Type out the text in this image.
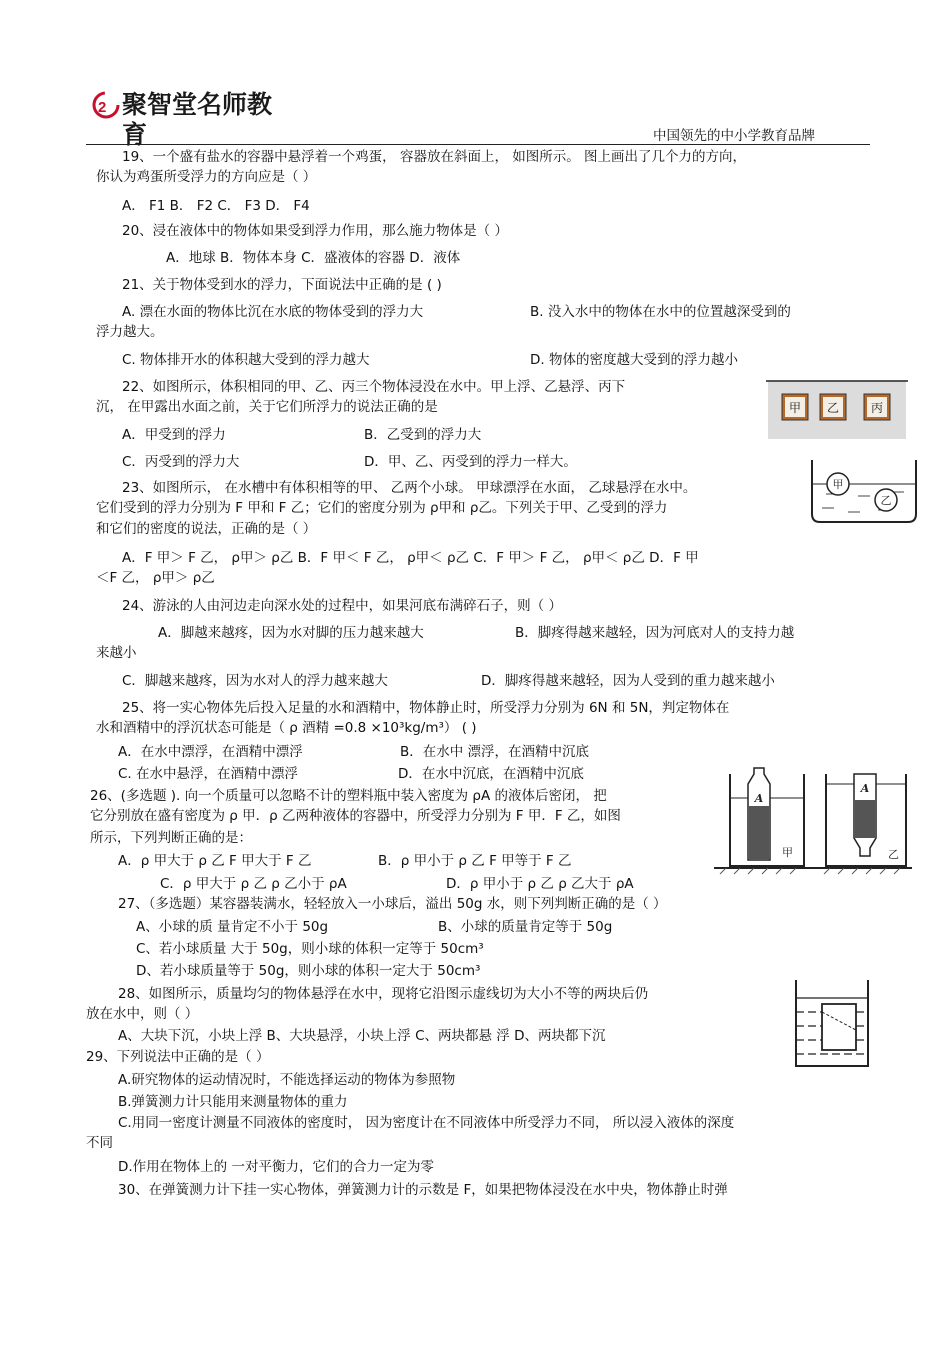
2 聚智堂名师教育	中国领先的中小学教育品牌
19、一个盛有盐水的容器中悬浮着一个鸡蛋， 容器放在斜面上， 如图所示。 图上画出了几个力的方向，
你认为鸡蛋所受浮力的方向应是（ ）
A． F1 B． F2 C． F3 D． F4
20、浸在液体中的物体如果受到浮力作用，那么施力物体是（ ）
A．地球 B．物体本身 C．盛液体的容器 D．液体
21、关于物体受到水的浮力，下面说法中正确的是 ( )
A. 漂在水面的物体比沉在水底的物体受到的浮力大	B. 没入水中的物体在水中的位置越深受到的
浮力越大。
C. 物体排开水的体积越大受到的浮力越大	D. 物体的密度越大受到的浮力越小
22、如图所示，体积相同的甲、乙、丙三个物体浸没在水中。甲上浮、乙悬浮、丙下
沉， 在甲露出水面之前，关于它们所浮力的说法正确的是
A．甲受到的浮力	B．乙受到的浮力大
C．丙受到的浮力大	D．甲、乙、丙受到的浮力一样大。
甲 乙	丙
23、如图所示， 在水槽中有体积相等的甲、 乙两个小球。 甲球漂浮在水面， 乙球悬浮在水中。
它们受到的浮力分别为 F 甲和 F 乙；它们的密度分别为 ρ甲和 ρ乙。下列关于甲、乙受到的浮力
和它们的密度的说法，正确的是（ ）
A．F 甲＞ F 乙， ρ甲＞ ρ乙 B．F 甲＜ F 乙， ρ甲＜ ρ乙 C．F 甲＞ F 乙， ρ甲＜ ρ乙 D．F 甲
＜F 乙， ρ甲＞ ρ乙
甲
乙
24、游泳的人由河边走向深水处的过程中，如果河底布满碎石子，则（ ）
A．脚越来越疼，因为水对脚的压力越来越大	B．脚疼得越来越轻，因为河底对人的支持力越
来越小
C．脚越来越疼，因为水对人的浮力越来越大	D．脚疼得越来越轻，因为人受到的重力越来越小
25、将一实心物体先后投入足量的水和酒精中，物体静止时，所受浮力分别为 6N 和 5N，判定物体在
水和酒精中的浮沉状态可能是（ ρ 酒精 =0.8 ×10³kg/m³） ( )
A．在水中漂浮，在酒精中漂浮	B．在水中 漂浮，在酒精中沉底
C. 在水中悬浮，在酒精中漂浮	D．在水中沉底，在酒精中沉底
26、(多选题 ). 向一个质量可以忽略不计的塑料瓶中装入密度为 ρA 的液体后密闭， 把
它分别放在盛有密度为 ρ 甲．ρ 乙两种液体的容器中，所受浮力分别为 F 甲．F 乙，如图
所示，下列判断正确的是：
A．ρ 甲大于 ρ 乙 F 甲大于 F 乙	B．ρ 甲小于 ρ 乙 F 甲等于 F 乙
C．ρ 甲大于 ρ 乙 ρ 乙小于 ρA	D．ρ 甲小于 ρ 乙 ρ 乙大于 ρA
A
甲
A
乙
27、（多选题）某容器装满水，轻轻放入一小球后，溢出 50g 水，则下列判断正确的是（ ）
A、小球的质 量肯定不小于 50g	B、小球的质量肯定等于 50g
C、若小球质量 大于 50g，则小球的体积一定等于 50cm³
D、若小球质量等于 50g，则小球的体积一定大于 50cm³
28、如图所示，质量均匀的物体悬浮在水中，现将它沿图示虚线切为大小不等的两块后仍
放在水中，则（ ）
A、大块下沉，小块上浮 B、大块悬浮，小块上浮 C、两块都悬 浮 D、两块都下沉
29、下列说法中正确的是（ ）
A.研究物体的运动情况时，不能选择运动的物体为参照物
B.弹簧测力计只能用来测量物体的重力
C.用同一密度计测量不同液体的密度时， 因为密度计在不同液体中所受浮力不同， 所以浸入液体的深度
不同
D.作用在物体上的 一对平衡力，它们的合力一定为零
30、在弹簧测力计下挂一实心物体，弹簧测力计的示数是 F，如果把物体浸没在水中央，物体静止时弹
